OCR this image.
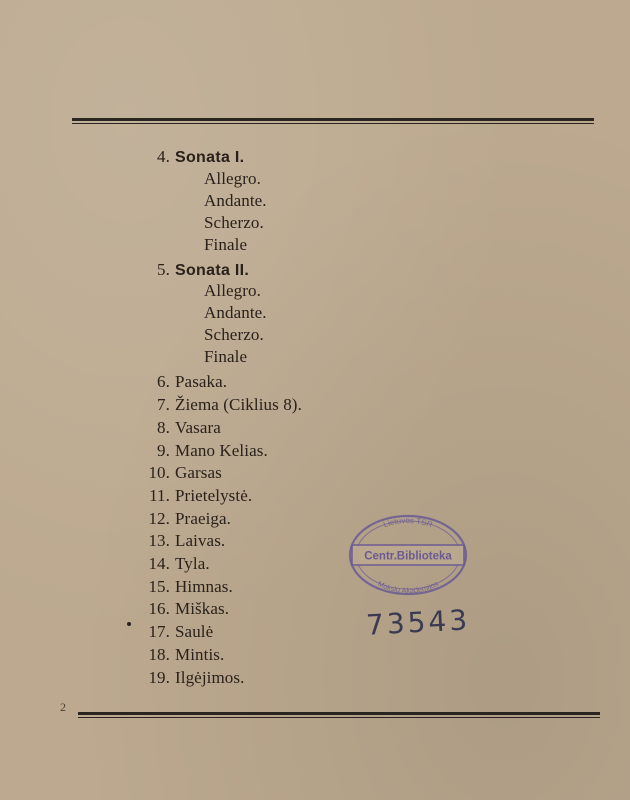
4. Sonata I.
Allegro.
Andante.
Scherzo.
Finale
5. Sonata II.
Allegro.
Andante.
Scherzo.
Finale
6. Pasaka.
7. Žiema (Ciklius 8).
8. Vasara
9. Mano Kelias.
10. Garsas
11. Prietelystė.
12. Praeiga.
13. Laivas.
14. Tyla.
15. Himnas.
16. Miškas.
17. Saulė
18. Mintis.
19. Ilgėjimos.
Lietuvos TSR
Centr.Biblioteka
Mokslų Akademijos
73543
2
